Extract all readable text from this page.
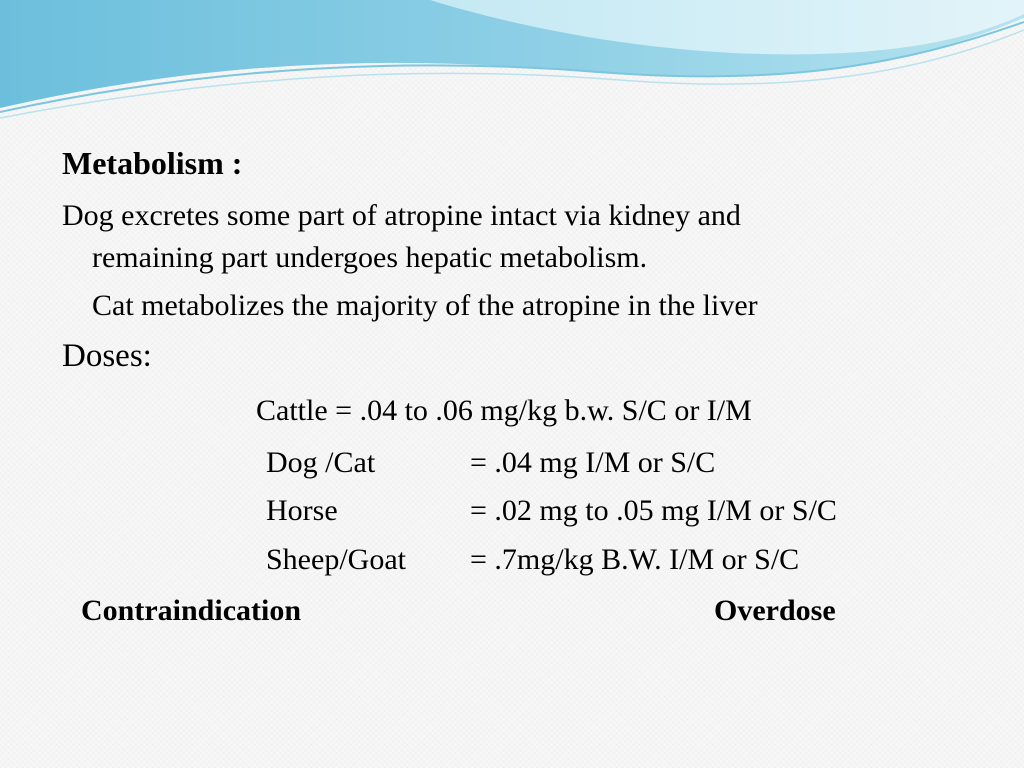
Metabolism :
Dog excretes some part of atropine intact via kidney and
remaining part undergoes hepatic metabolism.
Cat metabolizes the majority of the atropine in the liver
Doses:
Cattle = .04 to .06 mg/kg b.w. S/C or I/M
Dog /Cat	= .04 mg I/M or S/C
Horse	= .02 mg to .05 mg I/M or S/C
Sheep/Goat = .7mg/kg B.W. I/M or S/C
Contraindication	Overdose
